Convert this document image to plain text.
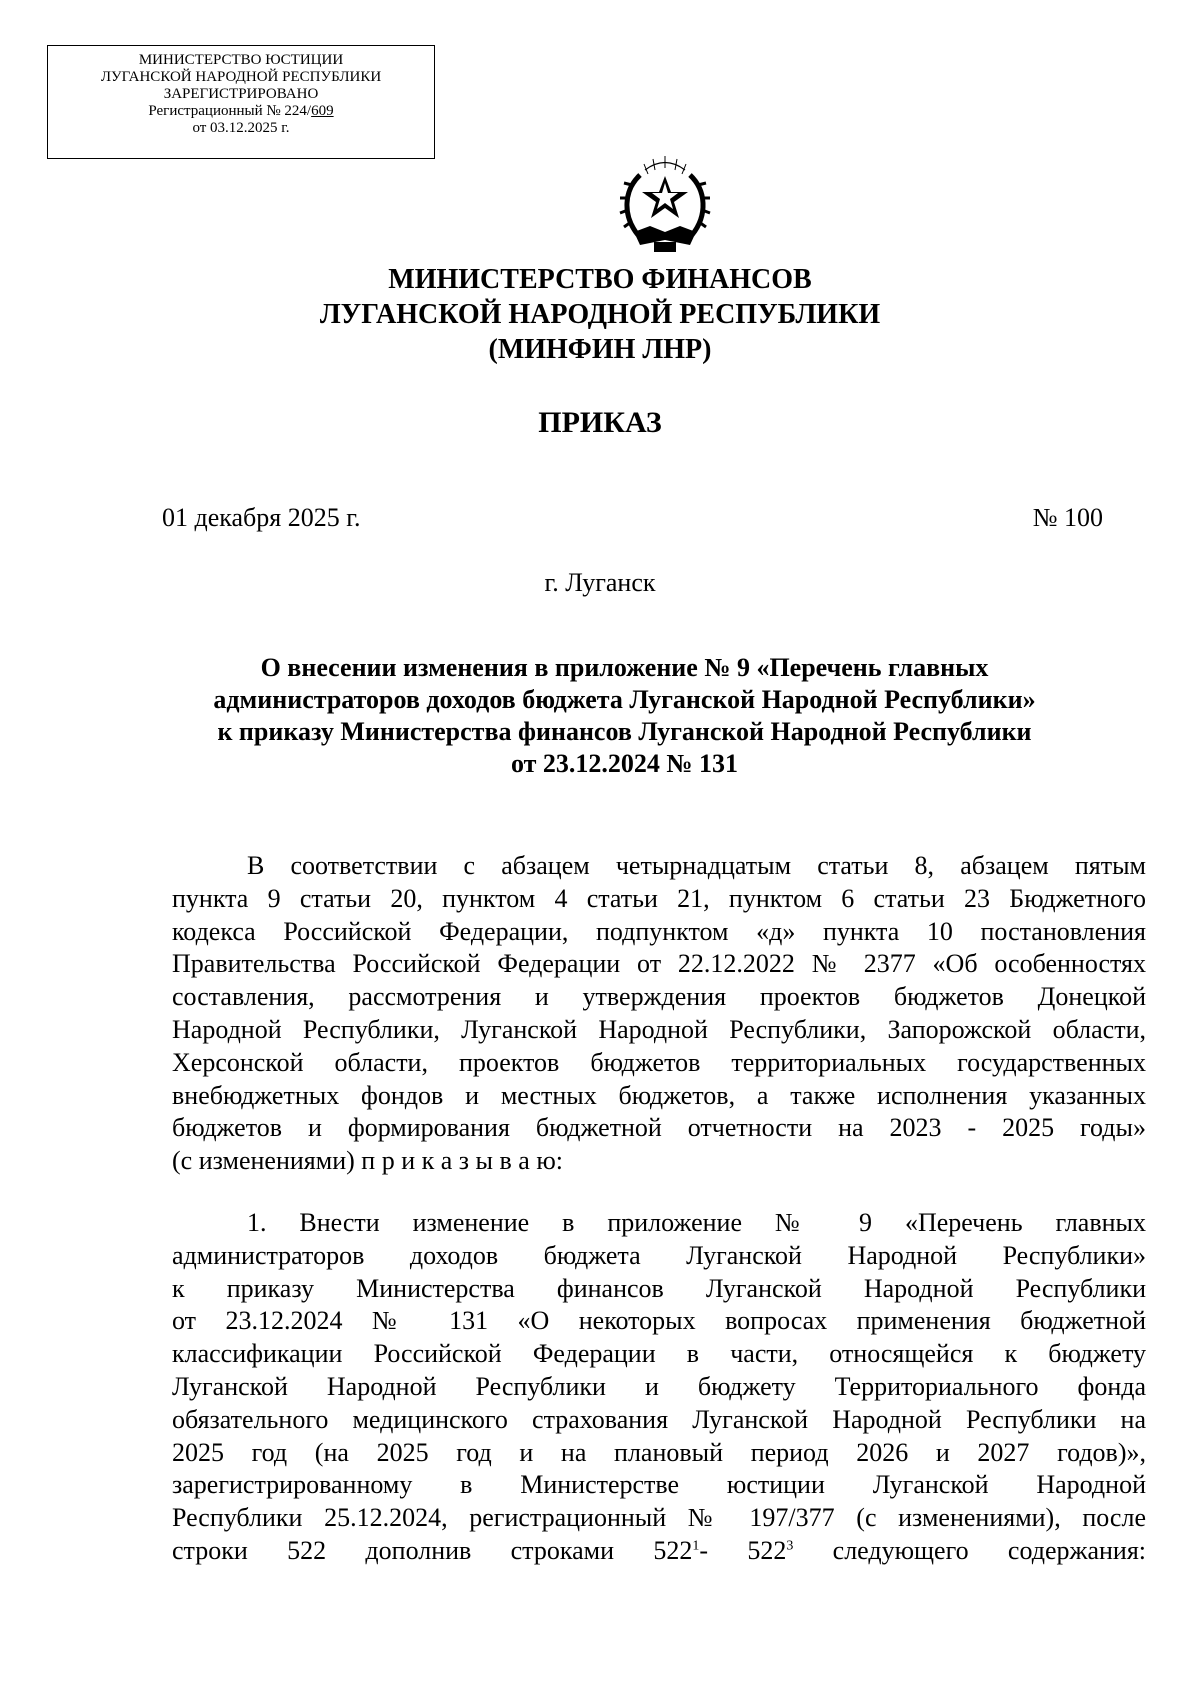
МИНИСТЕРСТВО ЮСТИЦИИ
ЛУГАНСКОЙ НАРОДНОЙ РЕСПУБЛИКИ
ЗАРЕГИСТРИРОВАНО
Регистрационный № 224/609
от 03.12.2025 г.
МИНИСТЕРСТВО ФИНАНСОВ
ЛУГАНСКОЙ НАРОДНОЙ РЕСПУБЛИКИ
(МИНФИН ЛНР)
ПРИКАЗ
01 декабря 2025 г.	№ 100
г. Луганск
О внесении изменения в приложение № 9 «Перечень главных
администраторов доходов бюджета Луганской Народной Республики»
к приказу Министерства финансов Луганской Народной Республики
от 23.12.2024 № 131
В соответствии с абзацем четырнадцатым статьи 8, абзацем пятым
пункта 9 статьи 20, пунктом 4 статьи 21, пунктом 6 статьи 23 Бюджетного
кодекса Российской Федерации, подпунктом «д» пункта 10 постановления
Правительства Российской Федерации от 22.12.2022 № 2377 «Об особенностях
составления, рассмотрения и утверждения проектов бюджетов Донецкой
Народной Республики, Луганской Народной Республики, Запорожской области,
Херсонской области, проектов бюджетов территориальных государственных
внебюджетных фондов и местных бюджетов, а также исполнения указанных
бюджетов и формирования бюджетной отчетности на 2023 - 2025 годы»
(с изменениями) п р и к а з ы в а ю:
1. Внести изменение в приложение № 9 «Перечень главных
администраторов доходов бюджета Луганской Народной Республики»
к приказу Министерства финансов Луганской Народной Республики
от 23.12.2024 № 131 «О некоторых вопросах применения бюджетной
классификации Российской Федерации в части, относящейся к бюджету
Луганской Народной Республики и бюджету Территориального фонда
обязательного медицинского страхования Луганской Народной Республики на
2025 год (на 2025 год и на плановый период 2026 и 2027 годов)»,
зарегистрированному в Министерстве юстиции Луганской Народной
Республики 25.12.2024, регистрационный № 197/377 (с изменениями), после
строки 522 дополнив строками $522^1-$ $522^3$ следующего содержания:
